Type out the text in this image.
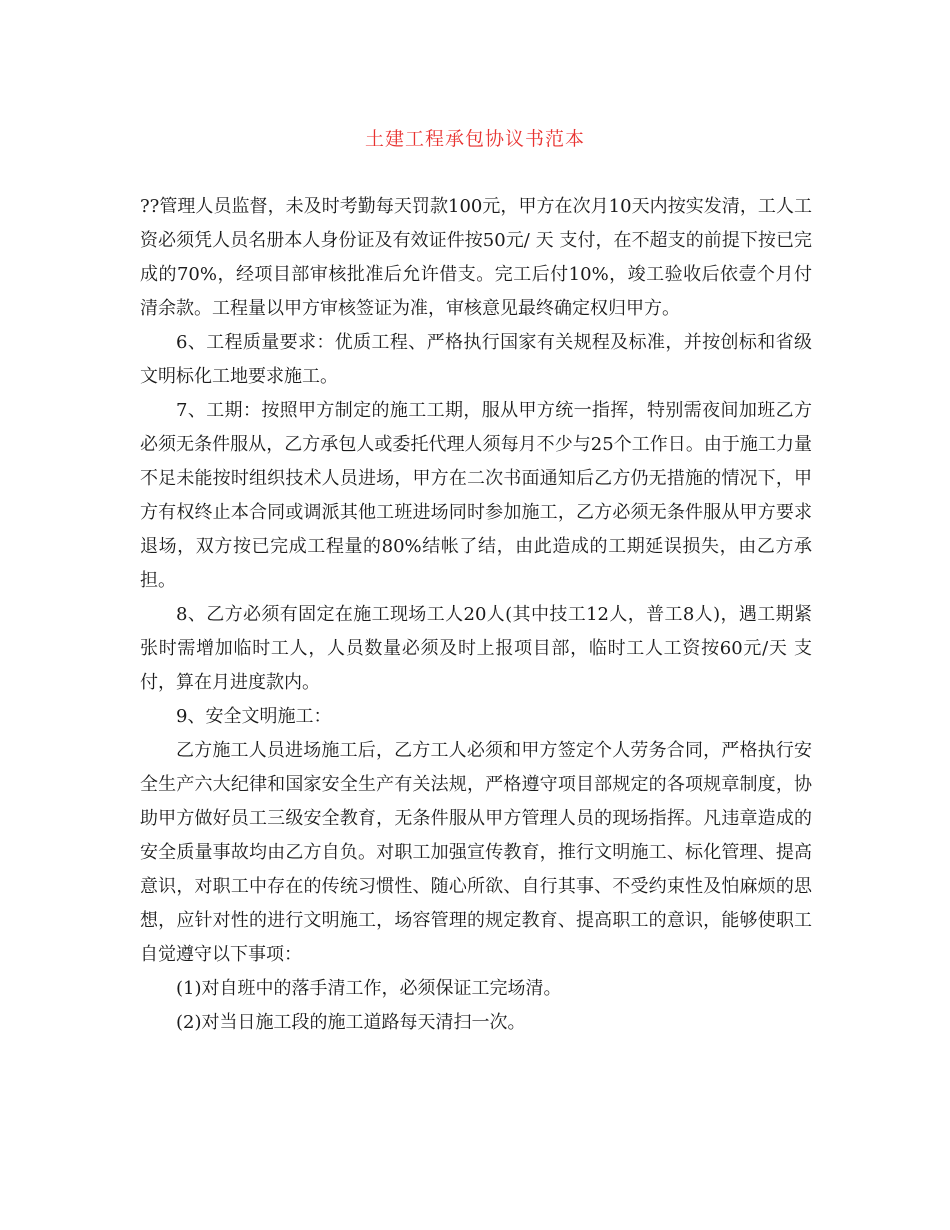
土建工程承包协议书范本

??管理人员监督，未及时考勤每天罚款100元，甲方在次月10天内按实发清，工人工资必须凭人员名册本人身份证及有效证件按50元/ 天 支付，在不超支的前提下按已完成的70%，经项目部审核批准后允许借支。完工后付10%，竣工验收后依壹个月付清余款。工程量以甲方审核签证为准，审核意见最终确定权归甲方。

6、工程质量要求：优质工程、严格执行国家有关规程及标准，并按创标和省级文明标化工地要求施工。

7、工期：按照甲方制定的施工工期，服从甲方统一指挥，特别需夜间加班乙方必须无条件服从，乙方承包人或委托代理人须每月不少与25个工作日。由于施工力量不足未能按时组织技术人员进场，甲方在二次书面通知后乙方仍无措施的情况下，甲方有权终止本合同或调派其他工班进场同时参加施工，乙方必须无条件服从甲方要求退场，双方按已完成工程量的80%结帐了结，由此造成的工期延误损失，由乙方承担。

8、乙方必须有固定在施工现场工人20人(其中技工12人，普工8人)，遇工期紧张时需增加临时工人，人员数量必须及时上报项目部，临时工人工资按60元/天 支付，算在月进度款内。

9、安全文明施工：

乙方施工人员进场施工后，乙方工人必须和甲方签定个人劳务合同，严格执行安全生产六大纪律和国家安全生产有关法规，严格遵守项目部规定的各项规章制度，协助甲方做好员工三级安全教育，无条件服从甲方管理人员的现场指挥。凡违章造成的安全质量事故均由乙方自负。对职工加强宣传教育，推行文明施工、标化管理、提高意识，对职工中存在的传统习惯性、随心所欲、自行其事、不受约束性及怕麻烦的思想，应针对性的进行文明施工，场容管理的规定教育、提高职工的意识，能够使职工自觉遵守以下事项：

(1)对自班中的落手清工作，必须保证工完场清。

(2)对当日施工段的施工道路每天清扫一次。
